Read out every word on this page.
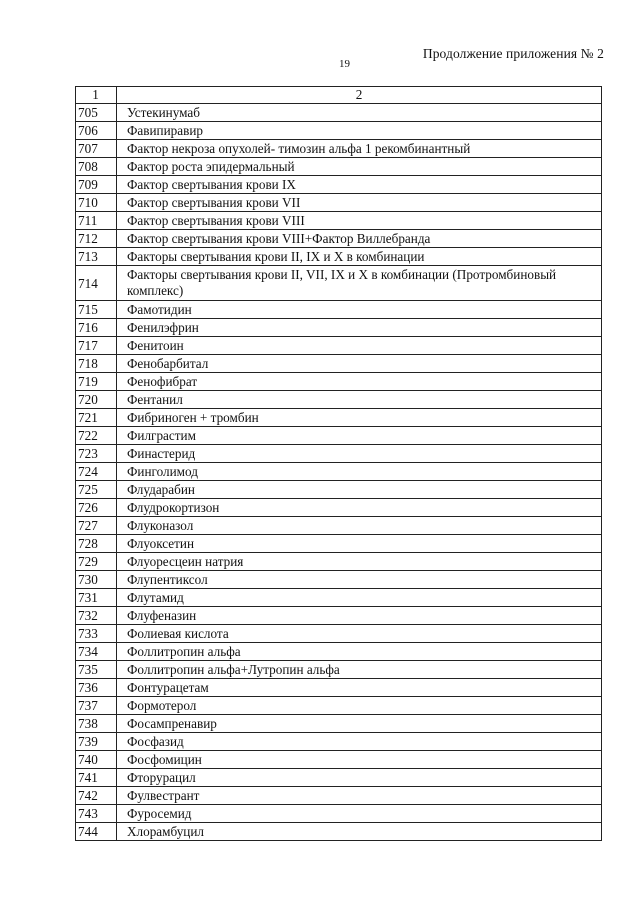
Продолжение приложения № 2
19
1	2
705	Устекинумаб
706	Фавипиравир
707	Фактор некроза опухолей- тимозин альфа 1 рекомбинантный
708	Фактор роста эпидермальный
709	Фактор свертывания крови IX
710	Фактор свертывания крови VII
711	Фактор свертывания крови VIII
712	Фактор свертывания крови VIII+Фактор Виллебранда
713	Факторы свертывания крови II, IX и X в комбинации
714	Факторы свертывания крови II, VII, IX и X в комбинации (Протромбиновый комплекс)
715	Фамотидин
716	Фенилэфрин
717	Фенитоин
718	Фенобарбитал
719	Фенофибрат
720	Фентанил
721	Фибриноген + тромбин
722	Филграстим
723	Финастерид
724	Финголимод
725	Флударабин
726	Флудрокортизон
727	Флуконазол
728	Флуоксетин
729	Флуоресцеин натрия
730	Флупентиксол
731	Флутамид
732	Флуфеназин
733	Фолиевая кислота
734	Фоллитропин альфа
735	Фоллитропин альфа+Лутропин альфа
736	Фонтурацетам
737	Формотерол
738	Фосампренавир
739	Фосфазид
740	Фосфомицин
741	Фторурацил
742	Фулвестрант
743	Фуросемид
744	Хлорамбуцил
